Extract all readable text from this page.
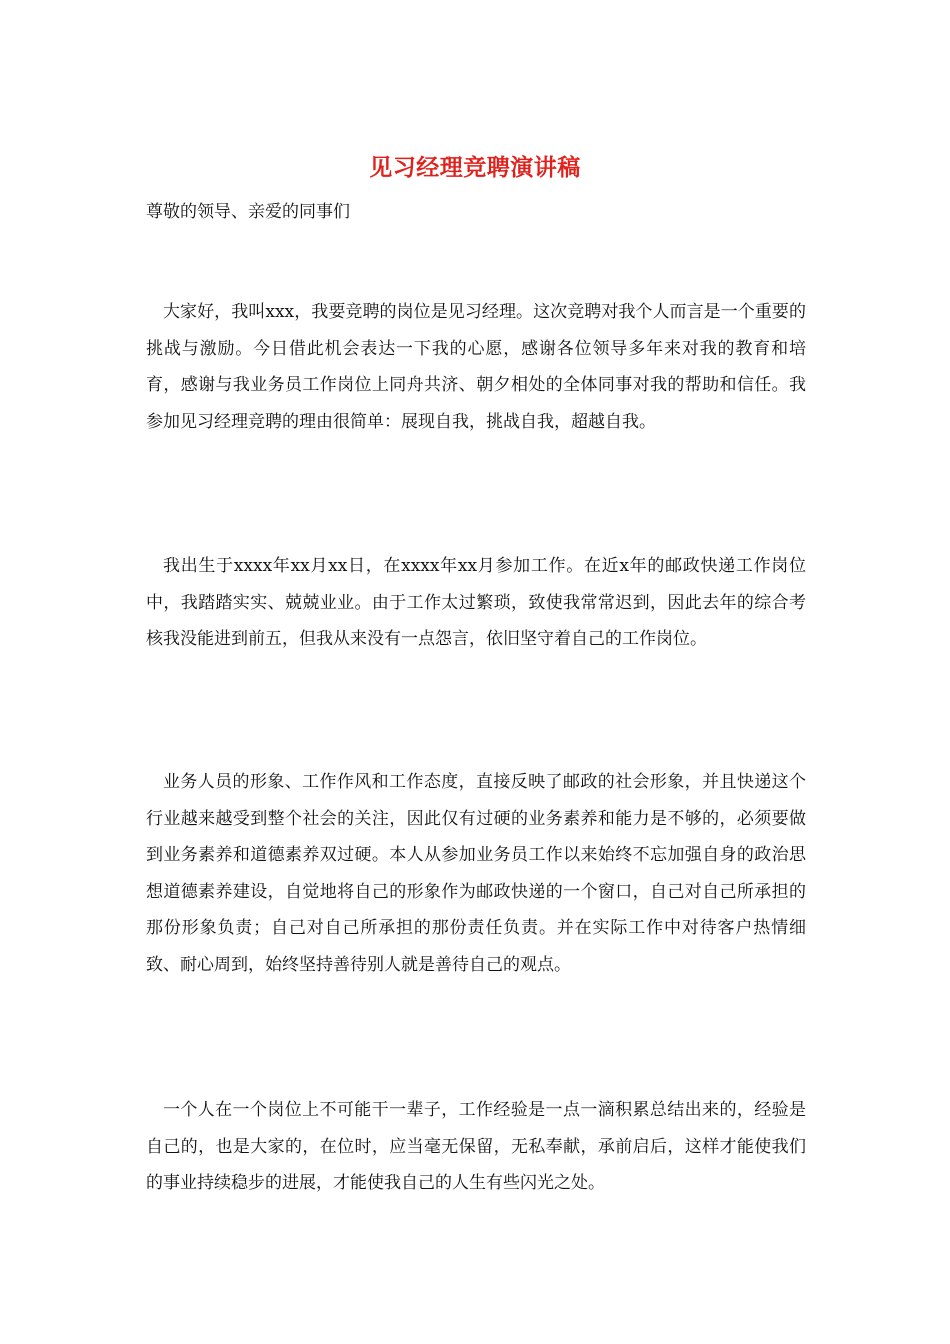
见习经理竞聘演讲稿
尊敬的领导、亲爱的同事们

大家好，我叫xxx，我要竞聘的岗位是见习经理。这次竞聘对我个人而言是一个重要的挑战与激励。今日借此机会表达一下我的心愿，感谢各位领导多年来对我的教育和培育，感谢与我业务员工作岗位上同舟共济、朝夕相处的全体同事对我的帮助和信任。我参加见习经理竞聘的理由很简单：展现自我，挑战自我，超越自我。

我出生于xxxx年xx月xx日，在xxxx年xx月参加工作。在近x年的邮政快递工作岗位中，我踏踏实实、兢兢业业。由于工作太过繁琐，致使我常常迟到，因此去年的综合考核我没能进到前五，但我从来没有一点怨言，依旧坚守着自己的工作岗位。

业务人员的形象、工作作风和工作态度，直接反映了邮政的社会形象，并且快递这个行业越来越受到整个社会的关注，因此仅有过硬的业务素养和能力是不够的，必须要做到业务素养和道德素养双过硬。本人从参加业务员工作以来始终不忘加强自身的政治思想道德素养建设，自觉地将自己的形象作为邮政快递的一个窗口，自己对自己所承担的那份形象负责；自己对自己所承担的那份责任负责。并在实际工作中对待客户热情细致、耐心周到，始终坚持善待别人就是善待自己的观点。

一个人在一个岗位上不可能干一辈子，工作经验是一点一滴积累总结出来的，经验是自己的，也是大家的，在位时，应当毫无保留，无私奉献，承前启后，这样才能使我们的事业持续稳步的进展，才能使我自己的人生有些闪光之处。
